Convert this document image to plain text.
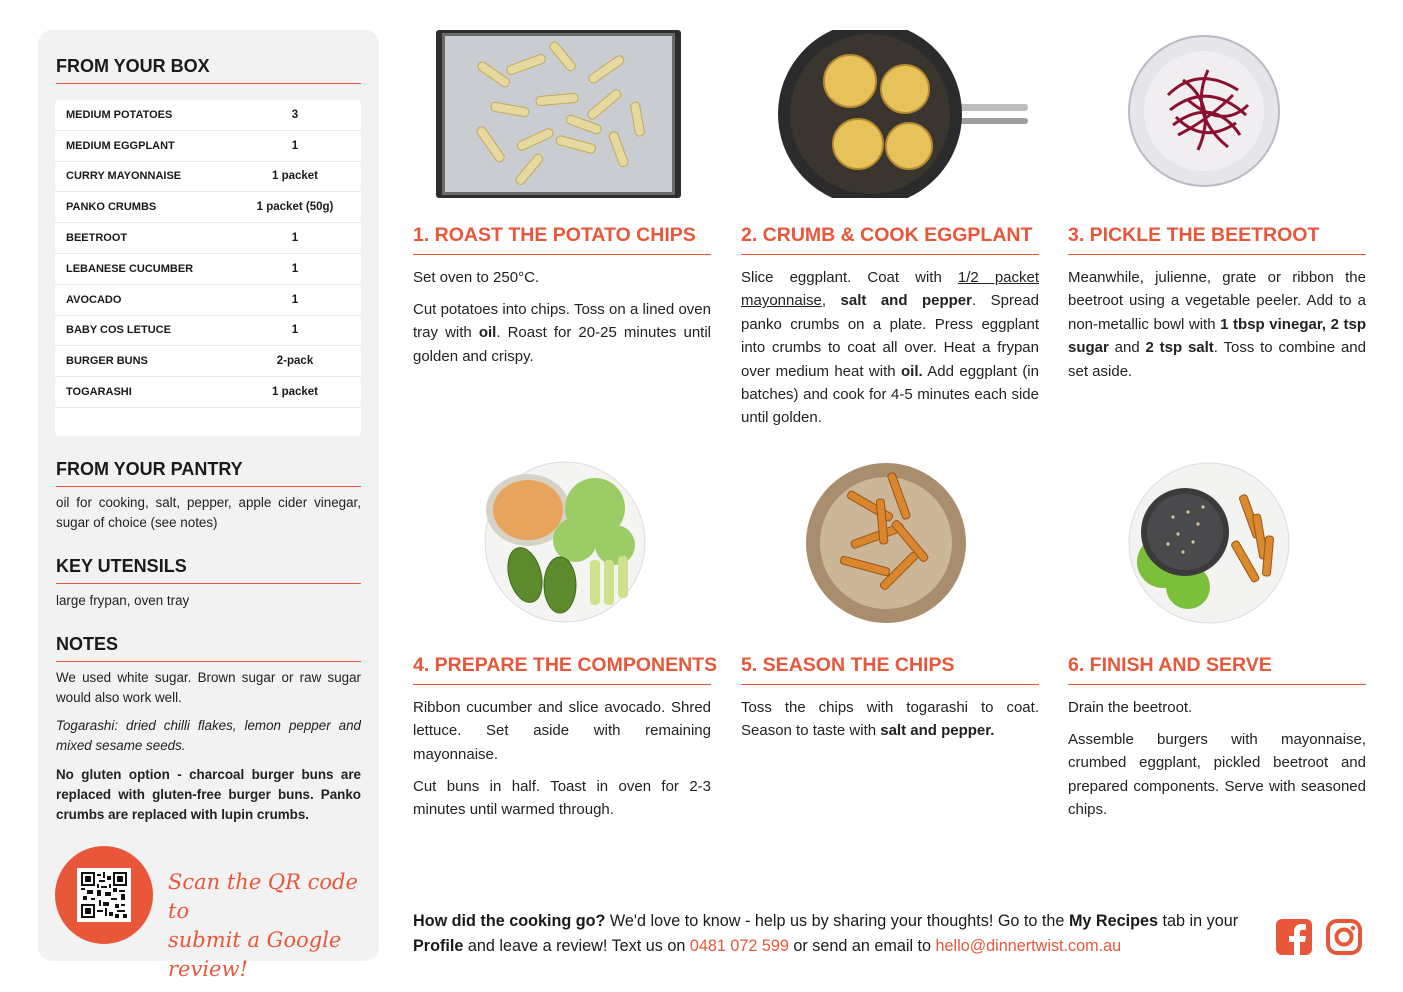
FROM YOUR BOX
MEDIUM POTATOES	3
MEDIUM EGGPLANT	1
CURRY MAYONNAISE	1 packet
PANKO CRUMBS	1 packet (50g)
BEETROOT	1
LEBANESE CUCUMBER	1
AVOCADO	1
BABY COS LETUCE	1
BURGER BUNS	2-pack
TOGARASHI	1 packet
FROM YOUR PANTRY
oil for cooking, salt, pepper, apple cider vinegar, sugar of choice (see notes)
KEY UTENSILS
large frypan, oven tray
NOTES
We used white sugar. Brown sugar or raw sugar would also work well.
Togarashi: dried chilli flakes, lemon pepper and mixed sesame seeds.
No gluten option - charcoal burger buns are replaced with gluten-free burger buns. Panko crumbs are replaced with lupin crumbs.
Scan the QR code to
submit a Google review!
1. ROAST THE POTATO CHIPS	2. CRUMB & COOK EGGPLANT	3. PICKLE THE BEETROOT
4. PREPARE THE COMPONENTS 5. SEASON THE CHIPS	6. FINISH AND SERVE

Set oven to 250°C.

Cut potatoes into chips. Toss on a lined oven tray with oil. Roast for 20-25 minutes until golden and crispy.

Slice eggplant. Coat with 1/2 packet mayonnaise, salt and pepper. Spread panko crumbs on a plate. Press eggplant into crumbs to coat all over. Heat a frypan over medium heat with oil. Add eggplant (in batches) and cook for 4-5 minutes each side until golden.

Meanwhile, julienne, grate or ribbon the beetroot using a vegetable peeler. Add to a non-metallic bowl with 1 tbsp vinegar, 2 tsp sugar and 2 tsp salt. Toss to combine and set aside.

Ribbon cucumber and slice avocado. Shred lettuce. Set aside with remaining mayonnaise.

Cut buns in half. Toast in oven for 2-3 minutes until warmed through.

Toss the chips with togarashi to coat. Season to taste with salt and pepper.

Drain the beetroot.

Assemble burgers with mayonnaise, crumbed eggplant, pickled beetroot and prepared components. Serve with seasoned chips.

How did the cooking go? We'd love to know - help us by sharing your thoughts! Go to the My Recipes tab in your Profile and leave a review! Text us on 0481 072 599 or send an email to hello@dinnertwist.com.au
